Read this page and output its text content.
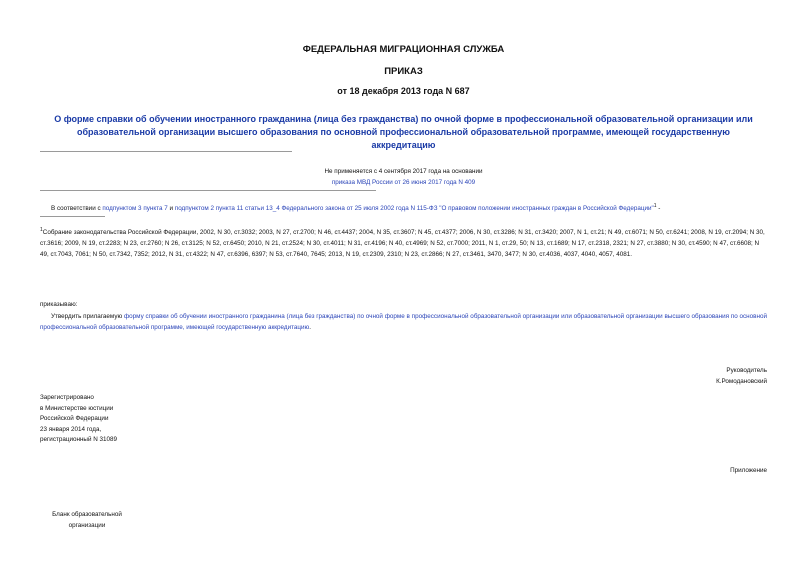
ФЕДЕРАЛЬНАЯ МИГРАЦИОННАЯ СЛУЖБА
ПРИКАЗ
от 18 декабря 2013 года N 687
О форме справки об обучении иностранного гражданина (лица без гражданства) по очной форме в профессиональной образовательной организации или образовательной организации высшего образования по основной профессиональной образовательной программе, имеющей государственную аккредитацию
Не применяется с 4 сентября 2017 года на основании
приказа МВД России от 26 июня 2017 года N 409
В соответствии с подпунктом 3 пункта 7 и подпунктом 2 пункта 11 статьи 13_4 Федерального закона от 25 июля 2002 года N 115-ФЗ "О правовом положении иностранных граждан в Российской Федерации"$^1$ -
$^1$Собрание законодательства Российской Федерации, 2002, N 30, ст.3032; 2003, N 27, ст.2700; N 46, ст.4437; 2004, N 35, ст.3607; N 45, ст.4377; 2006, N 30, ст.3286; N 31, ст.3420; 2007, N 1, ст.21; N 49, ст.6071; N 50, ст.6241; 2008, N 19, ст.2094; N 30, ст.3616; 2009, N 19, ст.2283; N 23, ст.2760; N 26, ст.3125; N 52, ст.6450; 2010, N 21, ст.2524; N 30, ст.4011; N 31, ст.4196; N 40, ст.4969; N 52, ст.7000; 2011, N 1, ст.29, 50; N 13, ст.1689; N 17, ст.2318, 2321; N 27, ст.3880; N 30, ст.4590; N 47, ст.6608; N 49, ст.7043, 7061; N 50, ст.7342, 7352; 2012, N 31, ст.4322; N 47, ст.6396, 6397; N 53, ст.7640, 7645; 2013, N 19, ст.2309, 2310; N 23, ст.2866; N 27, ст.3461, 3470, 3477; N 30, ст.4036, 4037, 4040, 4057, 4081.
приказываю:
Утвердить прилагаемую форму справки об обучении иностранного гражданина (лица без гражданства) по очной форме в профессиональной образовательной организации или образовательной организации высшего образования по основной профессиональной образовательной программе, имеющей государственную аккредитацию.
Руководитель
К.Ромодановский
Зарегистрировано
в Министерстве юстиции
Российской Федерации
23 января 2014 года,
регистрационный N 31089
Приложение
Бланк образовательной
организации
